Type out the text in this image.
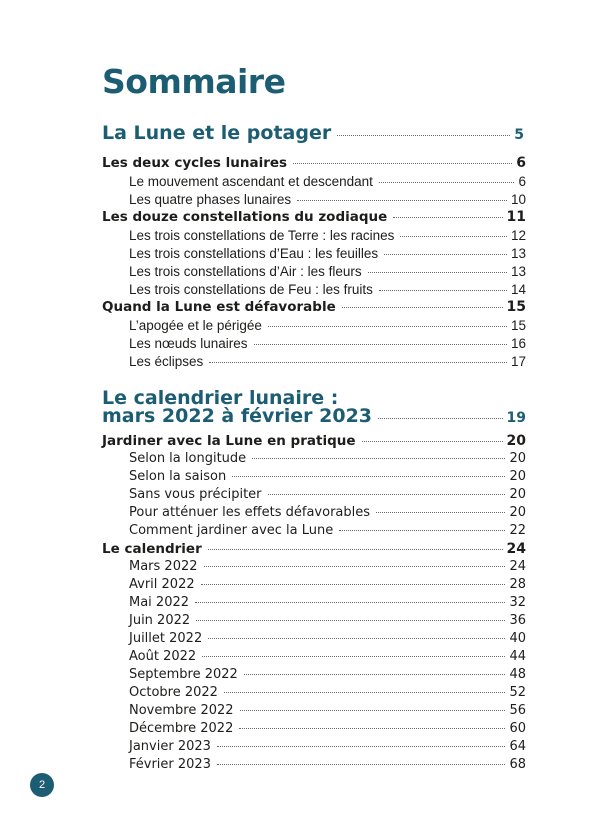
Sommaire
La Lune et le potager	5
Les deux cycles lunaires	6
Le mouvement ascendant et descendant	6
Les quatre phases lunaires	10
Les douze constellations du zodiaque	11
Les trois constellations de Terre : les racines	12
Les trois constellations d’Eau : les feuilles	13
Les trois constellations d’Air : les fleurs	13
Les trois constellations de Feu : les fruits	14
Quand la Lune est défavorable	15
L’apogée et le périgée	15
Les nœuds lunaires	16
Les éclipses	17
Le calendrier lunaire :
mars 2022 à février 2023	19
Jardiner avec la Lune en pratique	20
Selon la longitude	20
Selon la saison	20
Sans vous précipiter	20
Pour atténuer les effets défavorables	20
Comment jardiner avec la Lune	22
Le calendrier	24
Mars 2022	24
Avril 2022	28
Mai 2022	32
Juin 2022	36
Juillet 2022	40
Août 2022	44
Septembre 2022	48
Octobre 2022	52
Novembre 2022	56
Décembre 2022	60
Janvier 2023	64
Février 2023	68
2
